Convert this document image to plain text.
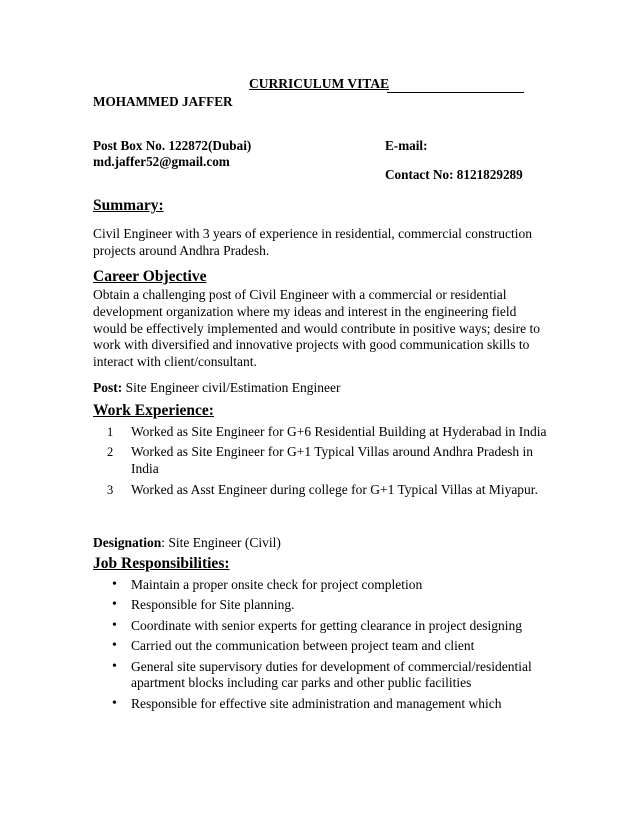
CURRICULUM VITAE
MOHAMMED JAFFER
Post Box No. 122872(Dubai)	E-mail:
md.jaffer52@gmail.com
Contact No: 8121829289
Summary:
Civil Engineer with 3 years of experience in residential, commercial construction projects around Andhra Pradesh.
Career Objective
Obtain a challenging post of Civil Engineer with a commercial or residential development organization where my ideas and interest in the engineering field would be effectively implemented and would contribute in positive ways; desire to work with diversified and innovative projects with good communication skills to interact with client/consultant.
Post: Site Engineer civil/Estimation Engineer
Work Experience:
1	Worked as Site Engineer for G+6 Residential Building at Hyderabad in India
2	Worked as Site Engineer for G+1 Typical Villas around Andhra Pradesh in India
3	Worked as Asst Engineer during college for G+1 Typical Villas at Miyapur.
Designation: Site Engineer (Civil)
Job Responsibilities:
•	Maintain a proper onsite check for project completion
•	Responsible for Site planning.
•	Coordinate with senior experts for getting clearance in project designing
•	Carried out the communication between project team and client
•	General site supervisory duties for development of commercial/residential apartment blocks including car parks and other public facilities
•	Responsible for effective site administration and management which
